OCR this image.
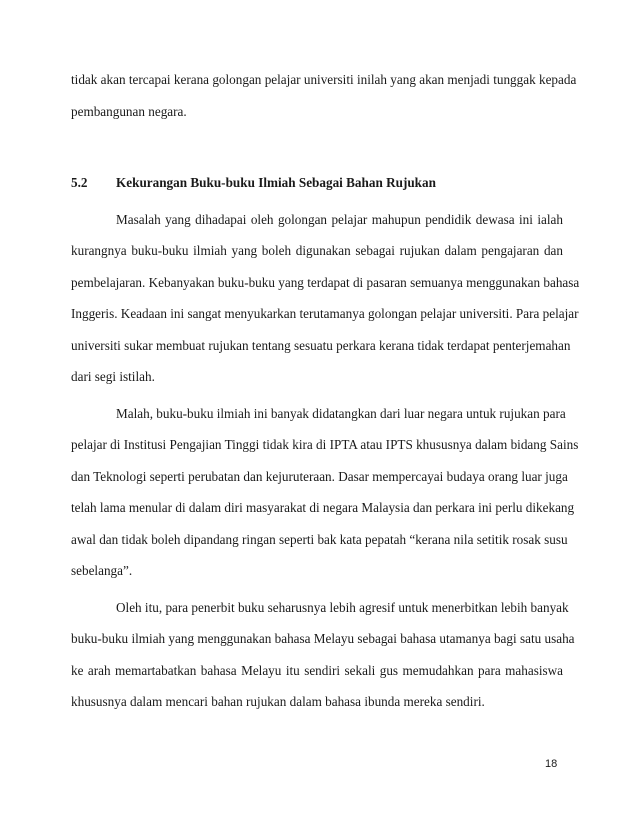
tidak akan tercapai kerana golongan pelajar universiti inilah yang akan menjadi tunggak kepada
pembangunan negara.
5.2	Kekurangan Buku-buku Ilmiah Sebagai Bahan Rujukan
Masalah yang dihadapai oleh golongan pelajar mahupun pendidik dewasa ini ialah
kurangnya buku-buku ilmiah yang boleh digunakan sebagai rujukan dalam pengajaran dan
pembelajaran. Kebanyakan buku-buku yang terdapat di pasaran semuanya menggunakan bahasa
Inggeris. Keadaan ini sangat menyukarkan terutamanya golongan pelajar universiti. Para pelajar
universiti sukar membuat rujukan tentang sesuatu perkara kerana tidak terdapat penterjemahan
dari segi istilah.
Malah, buku-buku ilmiah ini banyak didatangkan dari luar negara untuk rujukan para
pelajar di Institusi Pengajian Tinggi tidak kira di IPTA atau IPTS khususnya dalam bidang Sains
dan Teknologi seperti perubatan dan kejuruteraan. Dasar mempercayai budaya orang luar juga
telah lama menular di dalam diri masyarakat di negara Malaysia dan perkara ini perlu dikekang
awal dan tidak boleh dipandang ringan seperti bak kata pepatah “kerana nila setitik rosak susu
sebelanga”.
Oleh itu, para penerbit buku seharusnya lebih agresif untuk menerbitkan lebih banyak
buku-buku ilmiah yang menggunakan bahasa Melayu sebagai bahasa utamanya bagi satu usaha
ke arah memartabatkan bahasa Melayu itu sendiri sekali gus memudahkan para mahasiswa
khususnya dalam mencari bahan rujukan dalam bahasa ibunda mereka sendiri.
18
